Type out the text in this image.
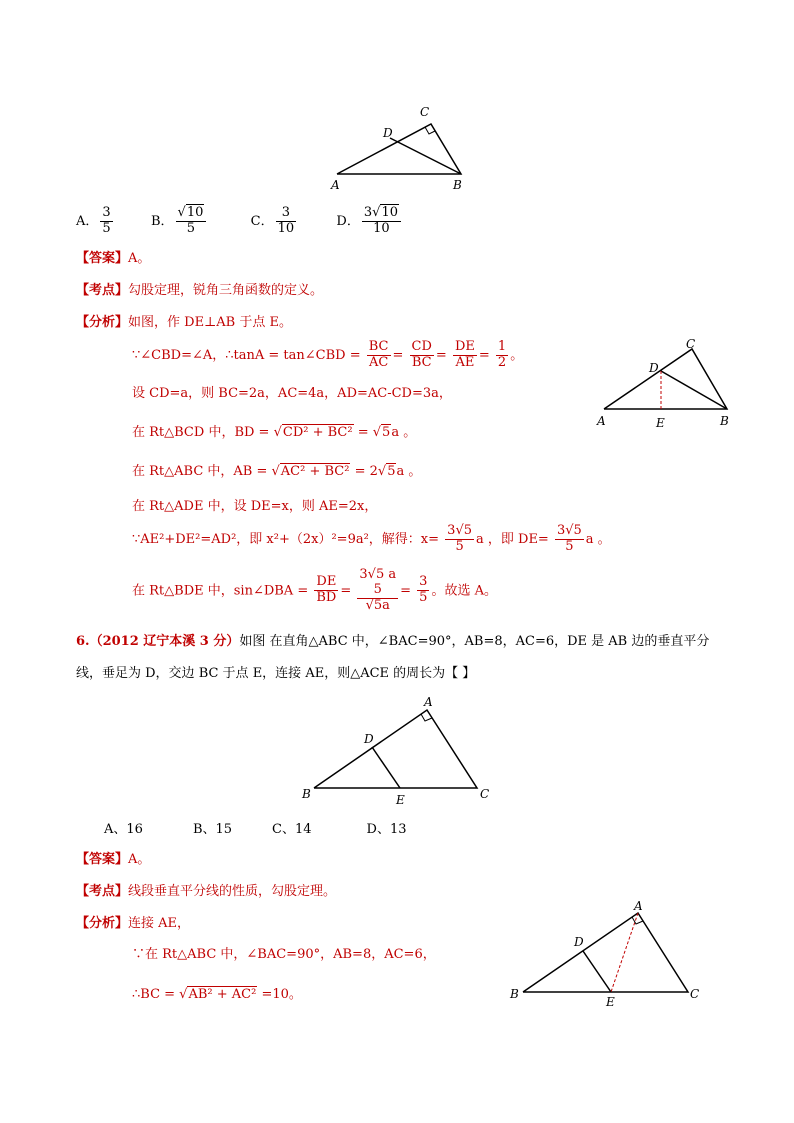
C
D
A	B
A． $\frac{3}{5}$	B． $\frac{√10}{5}$	C． $\frac{3}{10}$	D． $\frac{3√10}{10}$
【答案】A。
【考点】勾股定理，锐角三角函数的定义。
【分析】如图，作 DE⊥AB 于点 E。
∵∠CBD=∠A，∴tanA = tan∠CBD = $\frac{BC}{AC} = \frac{CD}{BC} = \frac{DE}{AE} = \frac{1}{2}$ 。
设 CD=a，则 BC=2a，AC=4a，AD=AC-CD=3a，
在 Rt△BCD 中，BD = √CD² + BC² = √5a 。
在 Rt△ABC 中，AB = √AC² + BC² = 2√5a 。
在 Rt△ADE 中，设 DE=x，则 AE=2x，
∵AE²+DE²=AD²，即 x²+（2x）²=9a²，解得：$x= \frac{3√5}{5}$ a ，即 $DE= \frac{3√5}{5}$ a 。
在 Rt△BDE 中，sin∠DBA = $\frac{DE}{BD}$ =
3√5 a
5
√5a
= $\frac{3}{5}$ 。故选 A。
C
D
A	E	B
6.（2012 辽宁本溪 3 分）如图 在直角△ABC 中，∠BAC=90°，AB=8，AC=6，DE 是 AB 边的垂直平分
线，垂足为 D，交边 BC 于点 E，连接 AE，则△ACE 的周长为【 】
A
D
B	E	C
A、16	B、15	C、14	D、13
【答案】A。
【考点】线段垂直平分线的性质，勾股定理。
【分析】连接 AE，
∵在 Rt△ABC 中，∠BAC=90°，AB=8，AC=6，
∴BC = √AB² + AC² =10。
A
D
B
E
C
